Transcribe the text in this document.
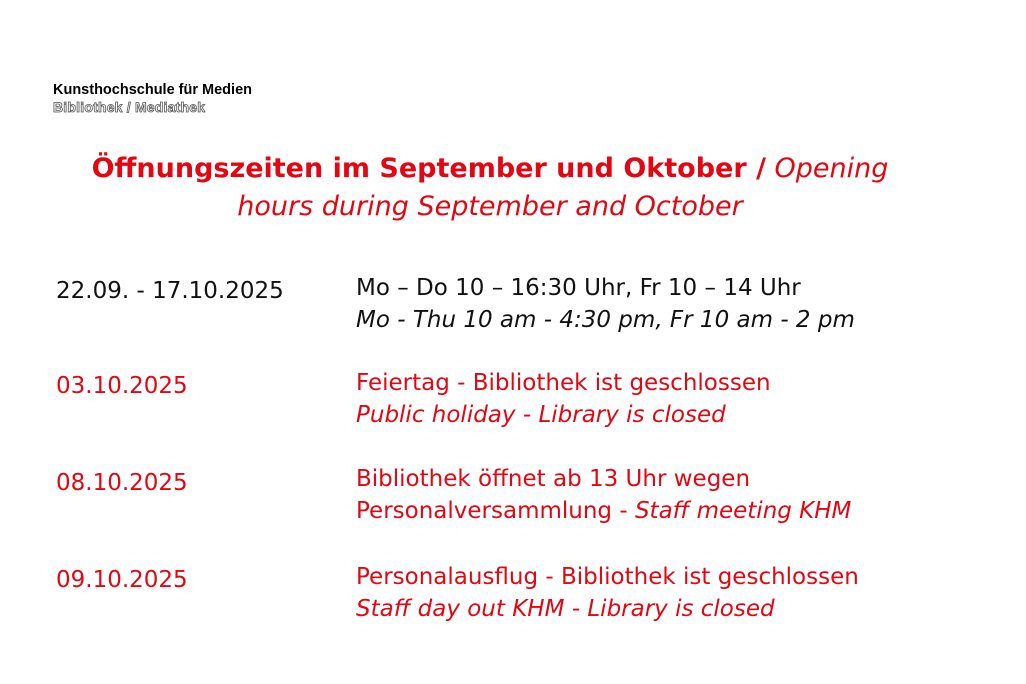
Kunsthochschule für Medien
Bibliothek / Mediathek
Öffnungszeiten im September und Oktober / Opening
hours during September and October
22.09. - 17.10.2025	Mo – Do 10 – 16:30 Uhr, Fr 10 – 14 Uhr
Mo - Thu 10 am - 4:30 pm, Fr 10 am - 2 pm
03.10.2025	Feiertag - Bibliothek ist geschlossen
Public holiday - Library is closed
08.10.2025	Bibliothek öffnet ab 13 Uhr wegen
Personalversammlung - Staff meeting KHM
09.10.2025	Personalausflug - Bibliothek ist geschlossen
Staff day out KHM - Library is closed
